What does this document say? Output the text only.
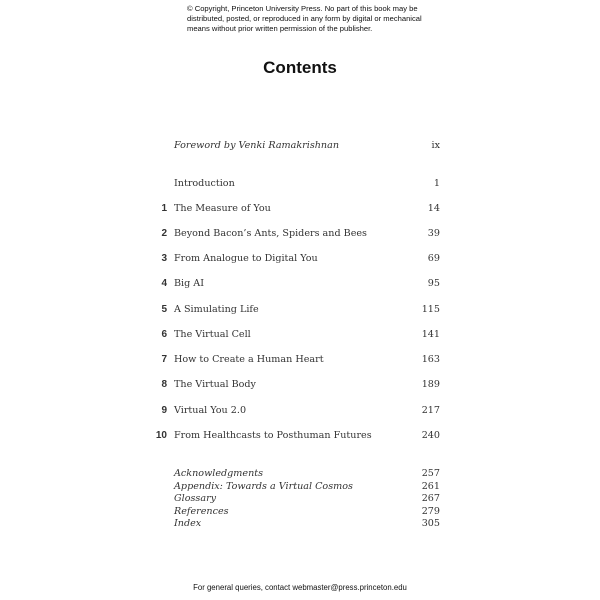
© Copyright, Princeton University Press. No part of this book may be distributed, posted, or reproduced in any form by digital or mechanical means without prior written permission of the publisher.
Contents
Foreword by Venki Ramakrishnan	ix
Introduction	1
1 The Measure of You	14
2 Beyond Bacon’s Ants, Spiders and Bees	39
3 From Analogue to Digital You	69
4 Big AI	95
5 A Simulating Life	115
6 The Virtual Cell	141
7 How to Create a Human Heart	163
8 The Virtual Body	189
9 Virtual You 2.0	217
10 From Healthcasts to Posthuman Futures	240
Acknowledgments	257
Appendix: Towards a Virtual Cosmos	261
Glossary	267
References	279
Index	305
For general queries, contact webmaster@press.princeton.edu
